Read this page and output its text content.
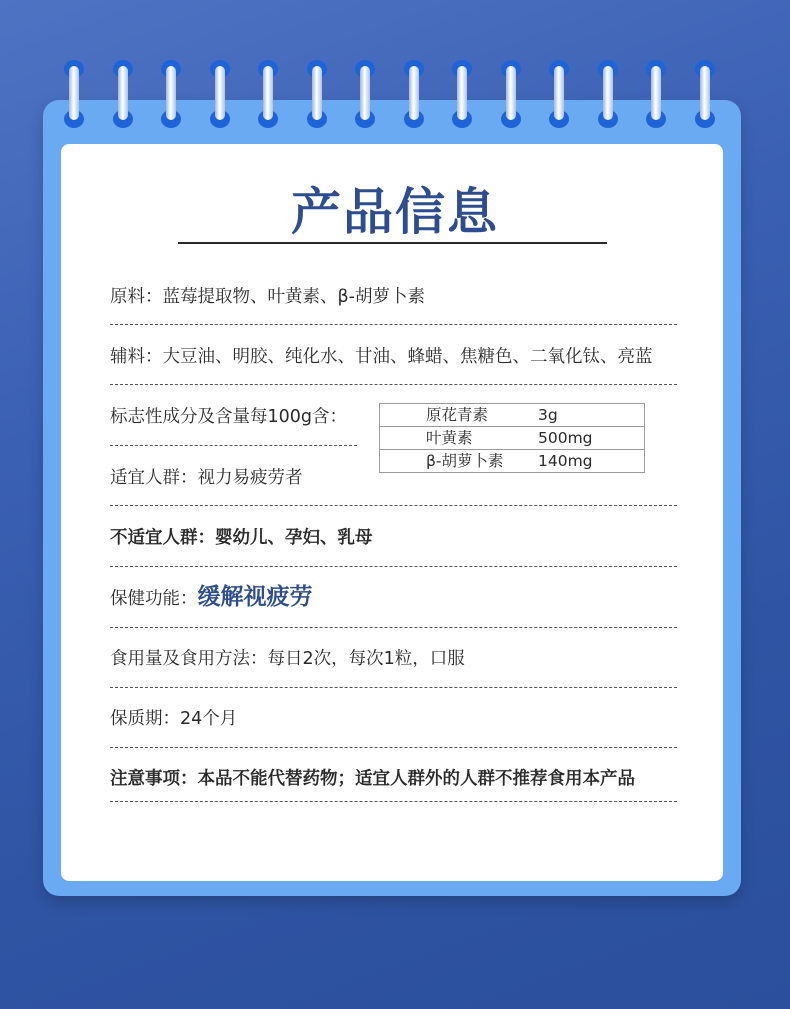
产品信息
原料：蓝莓提取物、叶黄素、β-胡萝卜素
辅料：大豆油、明胶、纯化水、甘油、蜂蜡、焦糖色、二氧化钛、亮蓝
标志性成分及含量每100g含：	原花青素	3g
叶黄素	500mg
β-胡萝卜素	140mg
适宜人群：视力易疲劳者
不适宜人群：婴幼儿、孕妇、乳母
保健功能：缓解视疲劳
食用量及食用方法：每日2次，每次1粒，口服
保质期：24个月
注意事项：本品不能代替药物；适宜人群外的人群不推荐食用本产品
